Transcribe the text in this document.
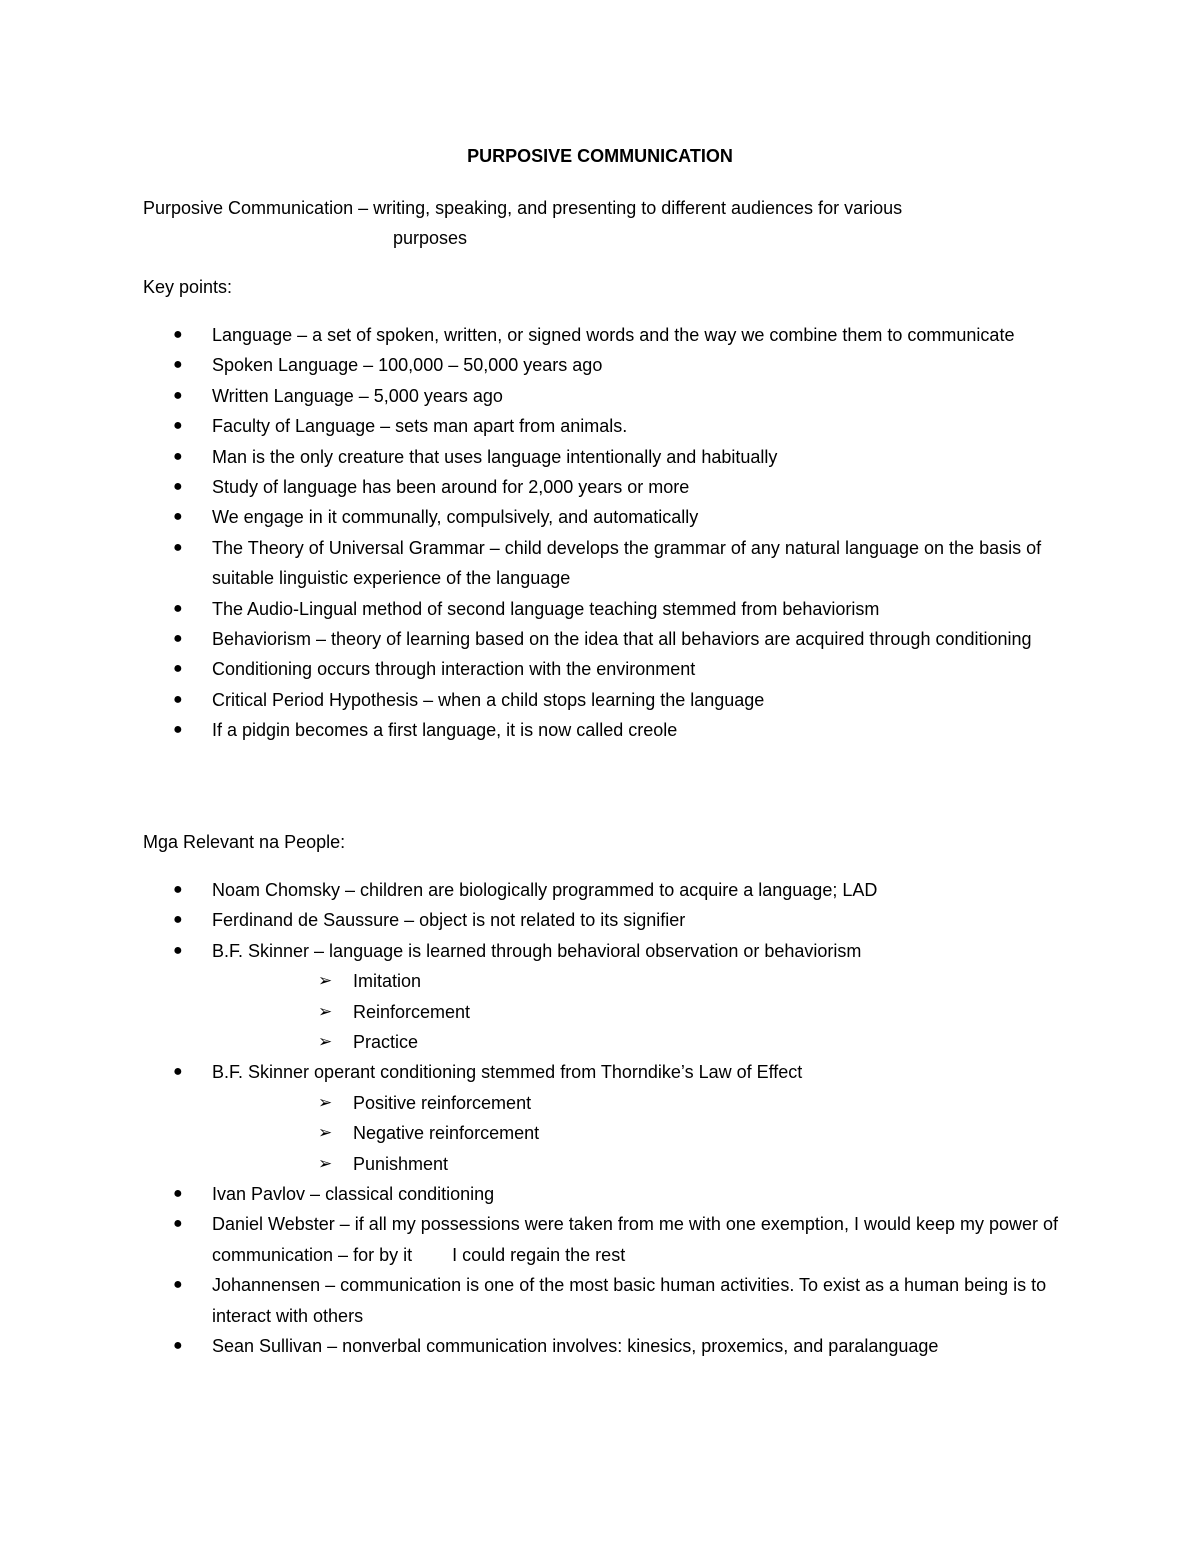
PURPOSIVE COMMUNICATION
Purposive Communication – writing, speaking, and presenting to different audiences for various
purposes
Key points:
● Language – a set of spoken, written, or signed words and the way we combine them to communicate
● Spoken Language – 100,000 – 50,000 years ago
● Written Language – 5,000 years ago
● Faculty of Language – sets man apart from animals.
● Man is the only creature that uses language intentionally and habitually
● Study of language has been around for 2,000 years or more
● We engage in it communally, compulsively, and automatically
● The Theory of Universal Grammar – child develops the grammar of any natural language on the basis of suitable linguistic experience of the language
● The Audio-Lingual method of second language teaching stemmed from behaviorism
● Behaviorism – theory of learning based on the idea that all behaviors are acquired through conditioning
● Conditioning occurs through interaction with the environment
● Critical Period Hypothesis – when a child stops learning the language
● If a pidgin becomes a first language, it is now called creole
Mga Relevant na People:
● Noam Chomsky – children are biologically programmed to acquire a language; LAD
● Ferdinand de Saussure – object is not related to its signifier
● B.F. Skinner – language is learned through behavioral observation or behaviorism
➢ Imitation
➢ Reinforcement
➢ Practice
● B.F. Skinner operant conditioning stemmed from Thorndike’s Law of Effect
➢ Positive reinforcement
➢ Negative reinforcement
➢ Punishment
● Ivan Pavlov – classical conditioning
● Daniel Webster – if all my possessions were taken from me with one exemption, I would keep my power of communication – for by it        I could regain the rest
● Johannensen – communication is one of the most basic human activities. To exist as a human being is to interact with others
● Sean Sullivan – nonverbal communication involves: kinesics, proxemics, and paralanguage
